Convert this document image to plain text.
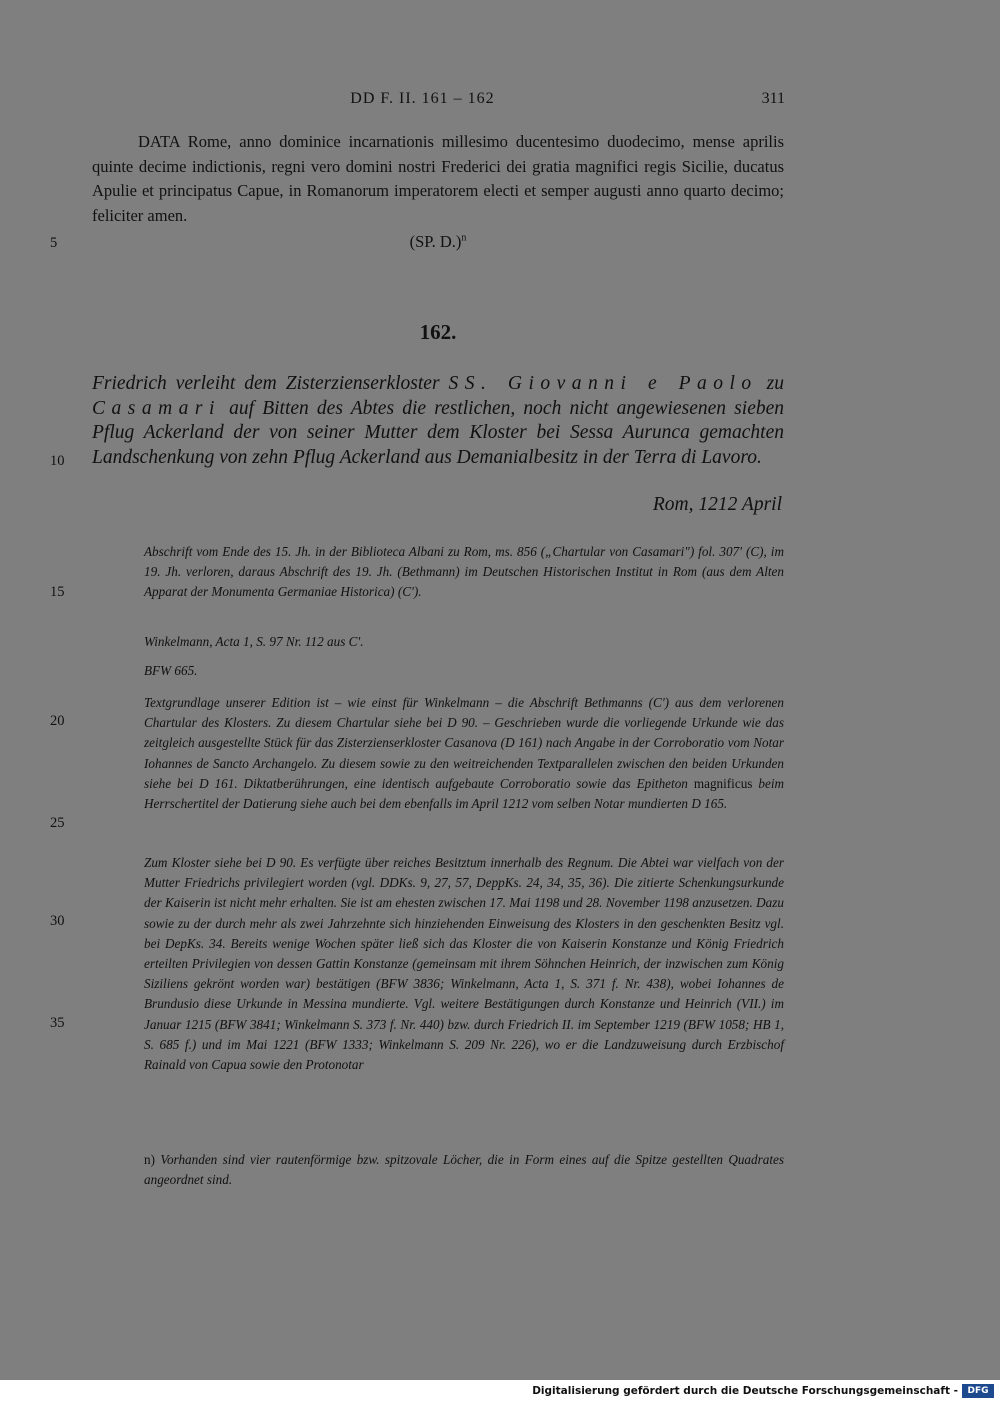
DD F. II. 161 – 162	311

DATA Rome, anno dominice incarnationis millesimo ducentesimo duodecimo, mense aprilis quinte decime indictionis, regni vero domini nostri Frederici dei gratia magnifici regis Sicilie, ducatus Apulie et principatus Capue, in Romanorum imperatorem electi et semper augusti anno quarto decimo; feliciter amen.

(SP. D.)$^n$
5
162.

Friedrich verleiht dem Zisterzienserkloster SS. Giovanni e Paolo zu Casamari auf Bitten des Abtes die restlichen, noch nicht angewiesenen sieben Pflug Ackerland der von seiner Mutter dem Kloster bei Sessa Aurunca gemachten Landschenkung von zehn Pflug Ackerland aus Demanialbesitz in der Terra di Lavoro.

10
Rom, 1212 April

Abschrift vom Ende des 15. Jh. in der Biblioteca Albani zu Rom, ms. 856 („Chartular von Casamari") fol. 307' (C), im 19. Jh. verloren, daraus Abschrift des 19. Jh. (Bethmann) im Deutschen Historischen Institut in Rom (aus dem Alten Apparat der Monumenta Germaniae Historica) (C').

15

Winkelmann, Acta 1, S. 97 Nr. 112 aus C'.

BFW 665.

Textgrundlage unserer Edition ist – wie einst für Winkelmann – die Abschrift Bethmanns (C') aus dem verlorenen Chartular des Klosters. Zu diesem Chartular siehe bei D 90. – Geschrieben wurde die vorliegende Urkunde wie das zeitgleich ausgestellte Stück für das Zisterzienserkloster Casanova (D 161) nach Angabe in der Corroboratio vom Notar Iohannes de Sancto Archangelo. Zu diesem sowie zu den weitreichenden Textparallelen zwischen den beiden Urkunden siehe bei D 161. Diktatberührungen, eine identisch aufgebaute Corroboratio sowie das Epitheton magnificus beim Herrschertitel der Datierung siehe auch bei dem ebenfalls im April 1212 vom selben Notar mundierten D 165.

20
25

Zum Kloster siehe bei D 90. Es verfügte über reiches Besitztum innerhalb des Regnum. Die Abtei war vielfach von der Mutter Friedrichs privilegiert worden (vgl. DDKs. 9, 27, 57, DeppKs. 24, 34, 35, 36). Die zitierte Schenkungsurkunde der Kaiserin ist nicht mehr erhalten. Sie ist am ehesten zwischen 17. Mai 1198 und 28. November 1198 anzusetzen. Dazu sowie zu der durch mehr als zwei Jahrzehnte sich hinziehenden Einweisung des Klosters in den geschenkten Besitz vgl. bei DepKs. 34. Bereits wenige Wochen später ließ sich das Kloster die von Kaiserin Konstanze und König Friedrich erteilten Privilegien von dessen Gattin Konstanze (gemeinsam mit ihrem Söhnchen Heinrich, der inzwischen zum König Siziliens gekrönt worden war) bestätigen (BFW 3836; Winkelmann, Acta 1, S. 371 f. Nr. 438), wobei Iohannes de Brundusio diese Urkunde in Messina mundierte. Vgl. weitere Bestätigungen durch Konstanze und Heinrich (VII.) im Januar 1215 (BFW 3841; Winkelmann S. 373 f. Nr. 440) bzw. durch Friedrich II. im September 1219 (BFW 1058; HB 1, S. 685 f.) und im Mai 1221 (BFW 1333; Winkelmann S. 209 Nr. 226), wo er die Landzuweisung durch Erzbischof Rainald von Capua sowie den Protonotar

30
35

n) Vorhanden sind vier rautenförmige bzw. spitzovale Löcher, die in Form eines auf die Spitze gestellten Quadrates angeordnet sind.

Digitalisierung gefördert durch die Deutsche Forschungsgemeinschaft -	DFG
